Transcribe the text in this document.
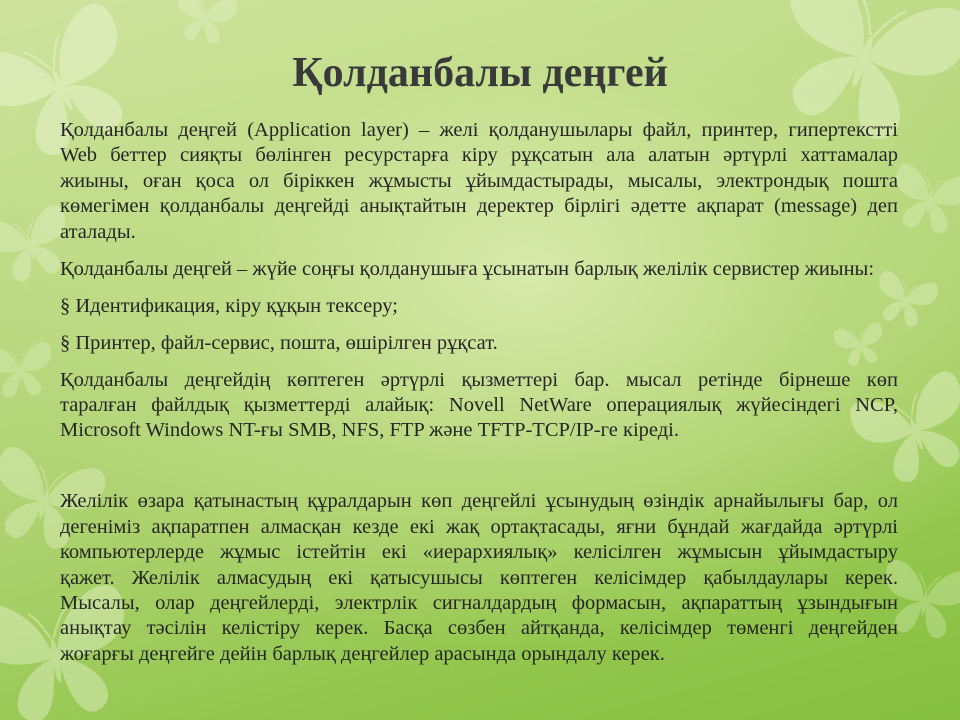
Қолданбалы деңгей
Қолданбалы деңгей (Application layer) – желі қолданушылары файл, принтер, гипертекстті
Web беттер сияқты бөлінген ресурстарға кіру рұқсатын ала алатын әртүрлі хаттамалар
жиыны, оған қоса ол біріккен жұмысты ұйымдастырады, мысалы, электрондық пошта
көмегімен қолданбалы деңгейді анықтайтын деректер бірлігі әдетте ақпарат (message) деп
аталады.
Қолданбалы деңгей – жүйе соңғы қолданушыға ұсынатын барлық желілік сервистер жиыны:
§ Идентификация, кіру құқын тексеру;
§ Принтер, файл-сервис, пошта, өшірілген рұқсат.
Қолданбалы деңгейдің көптеген әртүрлі қызметтері бар. мысал ретінде бірнеше көп
таралған файлдық қызметтерді алайық: Novell NetWare операциялық жүйесіндегі NCP,
Microsoft Windows NT-ғы SMB, NFS, FTP және TFTP-TCP/IP-ге кіреді.
Желілік өзара қатынастың құралдарын көп деңгейлі ұсынудың өзіндік арнайылығы бар, ол
дегеніміз ақпаратпен алмасқан кезде екі жақ ортақтасады, яғни бұндай жағдайда әртүрлі
компьютерлерде жұмыс істейтін екі «иерархиялық» келісілген жұмысын ұйымдастыру
қажет. Желілік алмасудың екі қатысушысы көптеген келісімдер қабылдаулары керек.
Мысалы, олар деңгейлерді, электрлік сигналдардың формасын, ақпараттың ұзындығын
анықтау тәсілін келістіру керек. Басқа сөзбен айтқанда, келісімдер төменгі деңгейден
жоғарғы деңгейге дейін барлық деңгейлер арасында орындалу керек.
